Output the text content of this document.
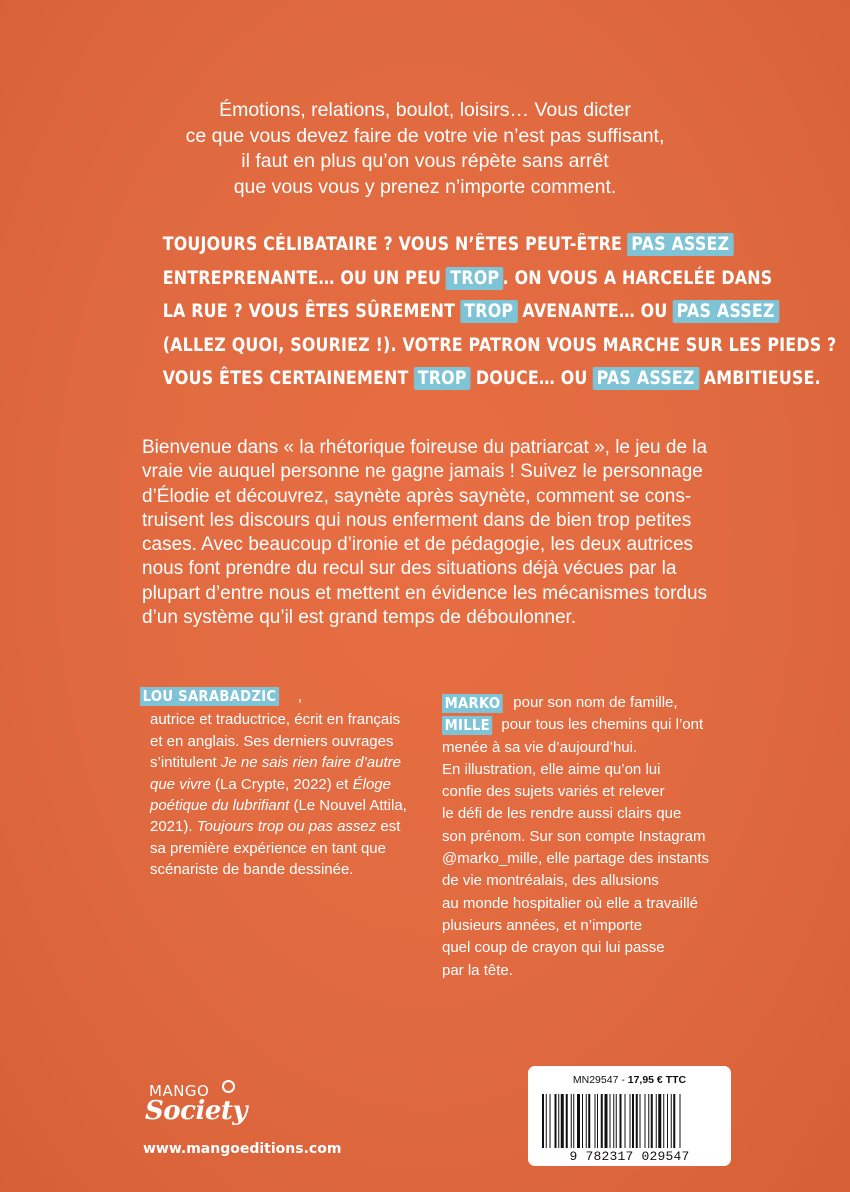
Émotions, relations, boulot, loisirs… Vous dicter
ce que vous devez faire de votre vie n’est pas suffisant,
il faut en plus qu’on vous répète sans arrêt
que vous vous y prenez n’importe comment.
TOUJOURS CÉLIBATAIRE ? VOUS N’ÊTES PEUT-ÊTRE PAS ASSEZ
ENTREPRENANTE… OU UN PEU TROP . ON VOUS A HARCELÉE DANS
LA RUE ? VOUS ÊTES SÛREMENT TROP AVENANTE… OU PAS ASSEZ
(ALLEZ QUOI, SOURIEZ !). VOTRE PATRON VOUS MARCHE SUR LES PIEDS ?
VOUS ÊTES CERTAINEMENT TROP DOUCE… OU PAS ASSEZ AMBITIEUSE.
Bienvenue dans « la rhétorique foireuse du patriarcat », le jeu de la
vraie vie auquel personne ne gagne jamais ! Suivez le personnage
d’Élodie et découvrez, saynète après saynète, comment se cons-
truisent les discours qui nous enferment dans de bien trop petites
cases. Avec beaucoup d’ironie et de pédagogie, les deux autrices
nous font prendre du recul sur des situations déjà vécues par la
plupart d’entre nous et mettent en évidence les mécanismes tordus
d’un système qu’il est grand temps de déboulonner.
LOU SARABADZIC ,
autrice et traductrice, écrit en français
et en anglais. Ses derniers ouvrages
s’intitulent Je ne sais rien faire d’autre
que vivre (La Crypte, 2022) et Éloge
poétique du lubrifiant (Le Nouvel Attila,
2021). Toujours trop ou pas assez est
sa première expérience en tant que
scénariste de bande dessinée.
MARKO pour son nom de famille,
MILLE pour tous les chemins qui l’ont
menée à sa vie d’aujourd’hui.
En illustration, elle aime qu’on lui
confie des sujets variés et relever
le défi de les rendre aussi clairs que
son prénom. Sur son compte Instagram
@marko_mille, elle partage des instants
de vie montréalais, des allusions
au monde hospitalier où elle a travaillé
plusieurs années, et n’importe
quel coup de crayon qui lui passe
par la tête.
MANGO
Society
www.mangoeditions.com
MN29547 - 17,95 € TTC
9 782317 029547
